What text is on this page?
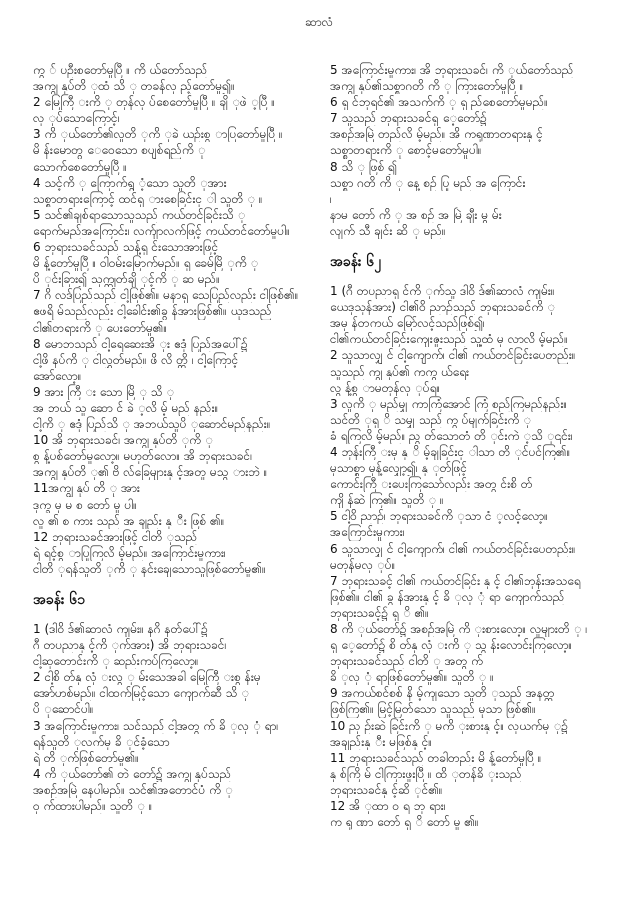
ဆာလံ
ကွ ် ပဦးစတော်မူပြီ ။ ကိ ယ်တော်သည်
အကျွ နုပ်တိ ုထံ သိ ု တခန်လှ ည့်တော်မူ၍။
2 မြေကြီ းကိ ု တုန်လှ ပ်စေတော်မူပြီ ။ ချိ ုဖဲ ့ပြီ ။
လှ ုပ်သောကြောင့်၊
3 ကိ ုယ်တော်၏လူတိ ုကိ ုခဲ ယဉ်းစွ ာပြတော်မူပြီ ။
မိ န်းမောတွ ေဝေသော စပျစ်ရည်ကိ ု
သောက်စေတော်မူပြီ ။
4 သင့်ကိ ု ကြောက်ရွ ံ့သော သူတိ ုအား
သစ္စာတရားကြောင့် ထင်ရှ ားစေခြင်းငှ ါ သူတိ ု ။
5 သင်၏ချစ်ရာသောသူသည် ကယ်တင်ခြင်းသိ ု
ရောက်မည်အကြောင်း၊ လက်ျာလက်ဖြင့် ကယ်တင်တော်မူပါ။
6 ဘုရားသခင်သည် သန့်ရှ င်းသောအားဖြင့်
မိ န့်တော်မူပြီ ။ ဝါဝမ်းမြောက်မည်။ ရှ ခေမ်မြိ ုကိ ု
ပိ ုင်းခြား၍ သုက္ကုတ်ချိ ုင့်ကိ ု ဆ မည်။
7 ဂိ လဒ်ပြည်သည် ငါ့ဖြစ်၏။ မနာရှ သေပြည်လည်း ငါဖြစ်၏။
ဧဖရိ မ်သည်လည်း ငါ့ခေါင်း၏ခွ န်အားဖြစ်၏။ ယုဒသည်
ငါ၏တရားကိ ု ပေးတော်မူ၏။
8 မောဘသည် ငါ့ရေဆေးအိ ုး ဧဒုံ ပြည်အပေါ်၌
ငါ့ဖိ နပ်ကိ ု ငါလွှတ်မည်။ ဖိ လိ တ္တိ ၊ ငါ့ကြောင့်
အော်လော့။
9 အား ကြီ း သော မြိ ု သိ ု
အ ဘယ် သူ ဆော င် ခဲ ့လိ မ့် မည် နည်း။
ငါ့ကိ ု ဧဒုံ ပြည်သိ ု အဘယ်သူပိ ုဆောင်မည်နည်း။
10 အိ ဘုရားသခင်၊ အကျွ နုပ်တိ ုကိ ု
စွ န့်ပစ်တော်မူလော့။ မဟုတ်လော။ အိ ဘုရားသခင်၊
အကျွ နုပ်တိ ု၏ ဗိ လ်ခြေများနှ င့်အတူ မသွ ားဘဲ ။
11အကျွ နုပ် တိ ု အား
ဒုက္ခ မှ မ စ တော် မူ ပါ။
လူ ၏ စ ကား သည် အ ချည်း နှ ီး ဖြစ် ၏။
12 ဘုရားသခင်အားဖြင့် ငါတိ ုသည်
ရဲ ရင့်စွ ာပြုကြလိ မ့်မည်။ အကြောင်းမူကား၊
ငါတိ ုရန်သူတိ ုကိ ု နင်းချေသောသူဖြစ်တော်မူ၏။
အခန်း ၆၁
1 (ဒါဝိ ဒ်၏ဆာလံ ကျမ်း။ နဂိ နတ်ပေါ်၌
ဂီ တပညာနှ င့်ကိ ုက်အား) အိ ဘုရားသခင်၊
ငါ့ဆုတောင်းကိ ု ဆည်းကပ်ကြလော့။
2 ငါ့စိ တ်နှ လုံ းလွ ု မ်းသေအခါ မြေကြီ းစွ န်းမှ
အော်ဟစ်မည်။ ငါထက်မြင့်သော ကျောက်ဆီ သိ ု
ပိ ုဆောင်ပါ။
3 အကြောင်းမူကား၊ သင်သည် ငါ့အတွ က် ခိ ုလှ ုံ ရာ၊
ရန်သူတိ ုလက်မှ ခိ ုင်ခံ့သော
ရဲ တိ ုက်ဖြစ်တော်မူ၏။
4 ကိ ုယ်တော်၏ တဲ တော်၌ အကျွ နုပ်သည်
အစဉ်အမြဲ နေပါမည်။ သင်၏အတောင်ပံ ကိ ု
ဝှ က်ထားပါမည်။ သူတိ ု ။
5 အကြောင်းမူကား၊ အိ ဘုရားသခင်၊ ကိ ုယ်တော်သည်
အကျွ နုပ်၏သစ္စာဂတိ ကိ ု ကြားတော်မူပြီ ။
6 ရှ င်ဘုရင်၏ အသက်ကိ ု ရှ ည်စေတော်မူမည်။
7 သူသည် ဘုရားသခင်ရှ ေ့တော်၌
အစဉ်အမြဲ တည်လိ မ့်မည်။ အိ ကရုဏာတရားနှ င့်
သစ္စာတရားကိ ု စောင့်မတော်မူပါ။
8 သိ ု ဖြစ် ၍
သစ္စာ ဂတိ ကိ ု နေ့ စဉ် ပြု မည် အ ကြောင်း
၊
နာမ တော် ကိ ု အ စဉ် အ မြဲ ချီး မွ မ်း
လျက် သီ ချင်း ဆိ ု မည်။
အခန်း ၆၂
1 (ဂီ တပညာရှ င်ကိ ုက်သူ ဒါဝိ ဒ်၏ဆာလံ ကျမ်း။
ယေဒုသုန်အား) ငါ၏ဝိ ညာဉ်သည် ဘုရားသခင်ကိ ု
အမှ န်တကယ် မြော်လင့်သည်ဖြစ်၍၊
ငါ၏ကယ်တင်ခြင်းကျေးဇူးသည် သူ့ထံ မှ လာလိ မ့်မည်။
2 သူသာလျှ င် ငါ့ကျောက်၊ ငါ၏ ကယ်တင်ခြင်းပေတည်း။
သူသည် ကျွ နုပ်၏ ကကွ ယ်ရေး
လွ န့်စွ ာမတုန်လှ ုပ်ရ။
3 လူကိ ု မည်မျှ ကာကြံအောင် ကြံ စည်ကြမည်နည်း။
သင်တိ ုရှ ိ သမျှ သည် ကွ ပ်မျက်ခြင်းကိ ု
ခံ ရကြလိ မ့်မည်။ ညွ တ်သောတံ တိ ုင်းကဲ ့သိ ု၎င်း၊
4 ဘုန်းကြီ းမှ နှ ိ မ့်ချခြင်းငှ ါသာ တိ ုင်ပင်ကြ၏။
မုသာစ္စာ မုန့်လျှော့၍၊ နှ ုတ်ဖြင့်
ကောင်းကြီ းပေးကြသော်လည်း အတွ င်းစိ တ်
ကျိ န်ဆဲ ကြ၏။ သူတိ ု ။
5 ငါ့ဝိ ညာဉ်၊ ဘုရားသခင်ကိ ုသာ ငံ ့လင့်လော့။
အကြောင်းမူကား၊
6 သူသာလျှ င် ငါ့ကျောက်၊ ငါ၏ ကယ်တင်ခြင်းပေတည်း။
မတုန်မလှ ုပ်။
7 ဘုရားသခင့် ငါ၏ ကယ်တင်ခြင်း နှ င့် ငါ၏ဘုန်းအသရေ
ဖြစ်၏။ ငါ၏ ခွ န်အားနှ င့် ခိ ုလှ ုံ ရာ ကျောက်သည်
ဘုရားသခင့်၌ ရှ ိ ၏။
8 ကိ ုယ်တော်၌ အစဉ်အမြဲ ကိ ုးစားလော့။ လူများတိ ု ၊
ရှ ေ့တော်၌ စိ တ်နှ လုံ းကိ ု သွ န်းလောင်းကြလော့။
ဘုရားသခင်သည် ငါတိ ု အတွ က်
ခိ ုလှ ုံ ရာဖြစ်တော်မူ၏။ သူတိ ု ။
9 အကယ်စင်စစ် နိ မ့်ကျသော သူတိ ုသည် အနတ္တ
ဖြစ်ကြ၏။ မြင့်မြတ်သော သူသည် မုသာ ဖြစ်၏။
10 ညှ ဉ်းဆဲ ခြင်းကိ ု မကိ ုးစားနှ င့်။ လုယက်မှ ု၌
အချည်းနှ ီး မဖြစ်နှ င့်။
11 ဘုရားသခင်သည် တခါတည်း မိ န့်တော်မူပြီ ။
နှ စ်ကြိ မ် ငါကြားဖူးပြီ ။ ထိ ုတန်ခိ ုးသည်
ဘုရားသခင်နှ င့်ဆိ ုင်၏။
12 အိ ုထာ ဝ ရ ဘု ရား၊
က ရု ဏာ တော် ရှ ိ တော် မူ ၏။
